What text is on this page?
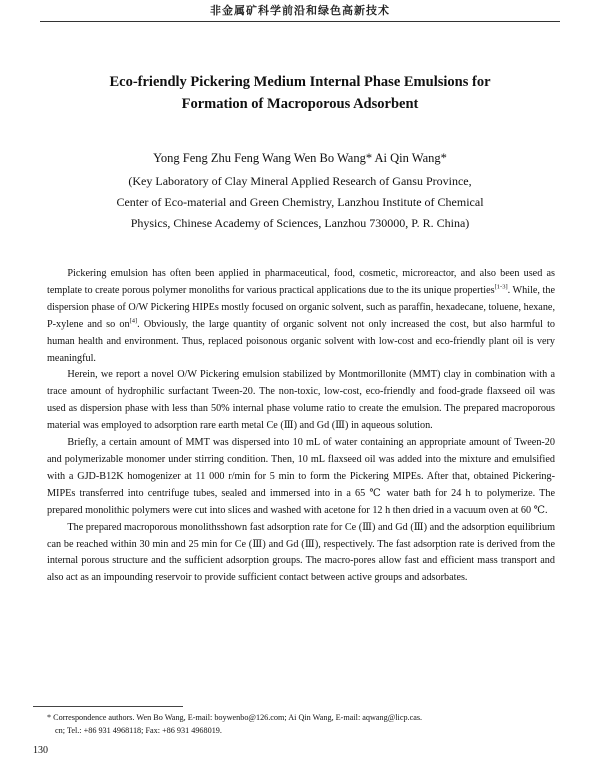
非金属矿科学前沿和绿色高新技术
Eco-friendly Pickering Medium Internal Phase Emulsions for
Formation of Macroporous Adsorbent
Yong Feng Zhu Feng Wang Wen Bo Wang* Ai Qin Wang*
(Key Laboratory of Clay Mineral Applied Research of Gansu Province,
Center of Eco-material and Green Chemistry, Lanzhou Institute of Chemical
Physics, Chinese Academy of Sciences, Lanzhou 730000, P. R. China)

Pickering emulsion has often been applied in pharmaceutical, food, cosmetic, microreactor, and also been used as template to create porous polymer monoliths for various practical applications due to the its unique properties[1-3]. While, the dispersion phase of O/W Pickering HIPEs mostly focused on organic solvent, such as paraffin, hexadecane, toluene, hexane, P-xylene and so on[4]. Obviously, the large quantity of organic solvent not only increased the cost, but also harmful to human health and environment. Thus, replaced poisonous organic solvent with low-cost and eco-friendly plant oil is very meaningful.

Herein, we report a novel O/W Pickering emulsion stabilized by Montmorillonite (MMT) clay in combination with a trace amount of hydrophilic surfactant Tween-20. The non-toxic, low-cost, eco-friendly and food-grade flaxseed oil was used as dispersion phase with less than 50% internal phase volume ratio to create the emulsion. The prepared macroporous material was employed to adsorption rare earth metal Ce (Ⅲ) and Gd (Ⅲ) in aqueous solution.

Briefly, a certain amount of MMT was dispersed into 10 mL of water containing an appropriate amount of Tween-20 and polymerizable monomer under stirring condition. Then, 10 mL flaxseed oil was added into the mixture and emulsified with a GJD-B12K homogenizer at 11 000 r/min for 5 min to form the Pickering MIPEs. After that, obtained Pickering-MIPEs transferred into centrifuge tubes, sealed and immersed into in a 65 ℃ water bath for 24 h to polymerize. The prepared monolithic polymers were cut into slices and washed with acetone for 12 h then dried in a vacuum oven at 60 ℃.

The prepared macroporous monolithsshown fast adsorption rate for Ce (Ⅲ) and Gd (Ⅲ) and the adsorption equilibrium can be reached within 30 min and 25 min for Ce (Ⅲ) and Gd (Ⅲ), respectively. The fast adsorption rate is derived from the internal porous structure and the sufficient adsorption groups. The macro-pores allow fast and efficient mass transport and also act as an impounding reservoir to provide sufficient contact between active groups and adsorbates.

* Correspondence authors. Wen Bo Wang, E-mail: boywenbo@126.com; Ai Qin Wang, E-mail: aqwang@licp.cas.
cn; Tel.: +86 931 4968118; Fax: +86 931 4968019.
130
